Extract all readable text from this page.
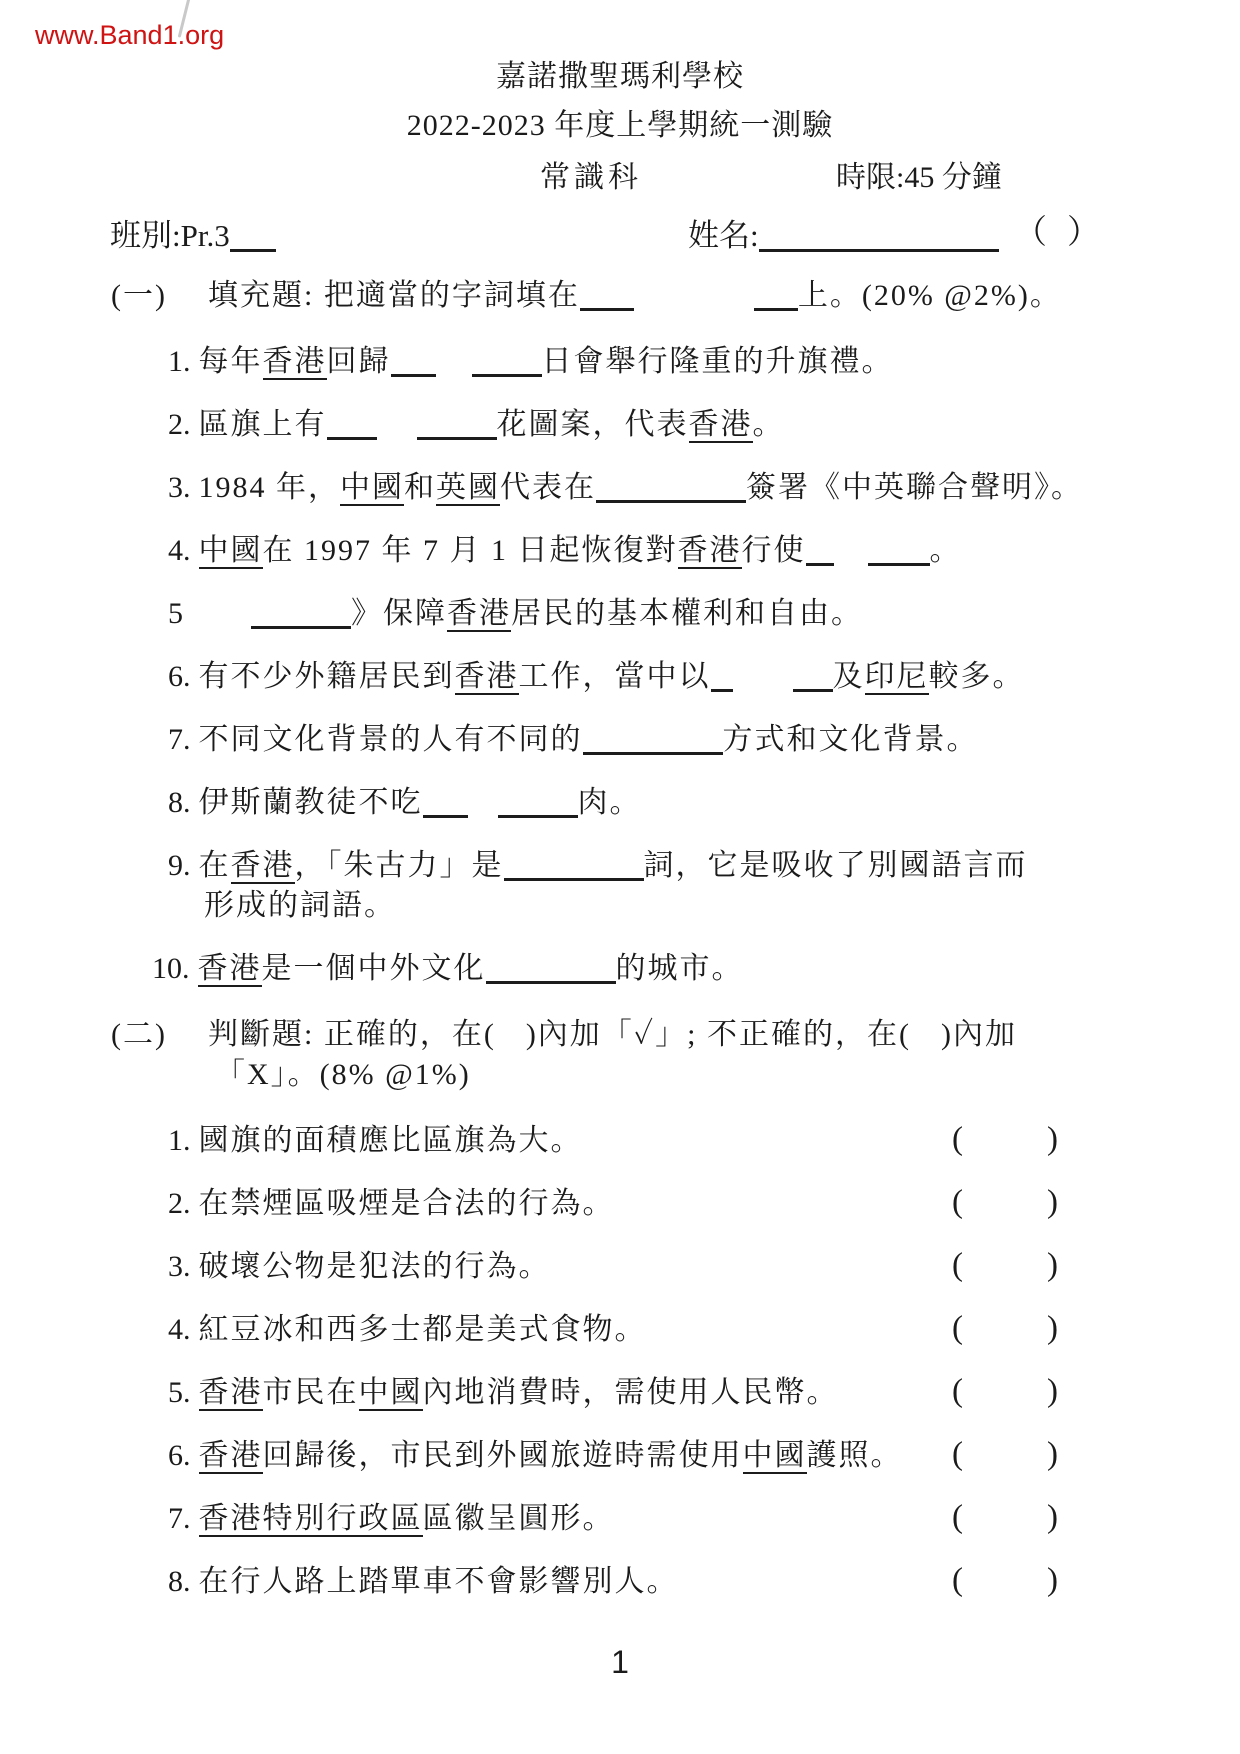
www.Band1.org
嘉諾撒聖瑪利學校
2022-2023 年度上學期統一測驗
常識科	時限:45 分鐘
班別:Pr.3	姓名:	（ ）
(一) 填充題: 把適當的字詞填在	上。(20% @2%)。
1. 每年香港回歸	日會舉行隆重的升旗禮。
2. 區旗上有	花圖案，代表香港。
3. 1984 年，中國和英國代表在	簽署《中英聯合聲明》。
4. 中國在 1997 年 7 月 1 日起恢復對香港行使	。
5	》保障香港居民的基本權利和自由。
6. 有不少外籍居民到香港工作，當中以	及印尼較多。
7. 不同文化背景的人有不同的	方式和文化背景。
8. 伊斯蘭教徒不吃	肉。
9. 在香港，「朱古力」是	詞，它是吸收了別國語言而
形成的詞語。
10. 香港是一個中外文化	的城市。
(二) 判斷題: 正確的，在( )內加「✓」; 不正確的，在( )內加
「X」。(8% @1%)
1. 國旗的面積應比區旗為大。	(	)
2. 在禁煙區吸煙是合法的行為。	(	)
3. 破壞公物是犯法的行為。	(	)
4. 紅豆冰和西多士都是美式食物。	(	)
5. 香港市民在中國內地消費時，需使用人民幣。	(	)
6. 香港回歸後，市民到外國旅遊時需使用中國護照。 (	)
7. 香港特別行政區區徽呈圓形。	(	)
8. 在行人路上踏單車不會影響別人。	(	)
1
